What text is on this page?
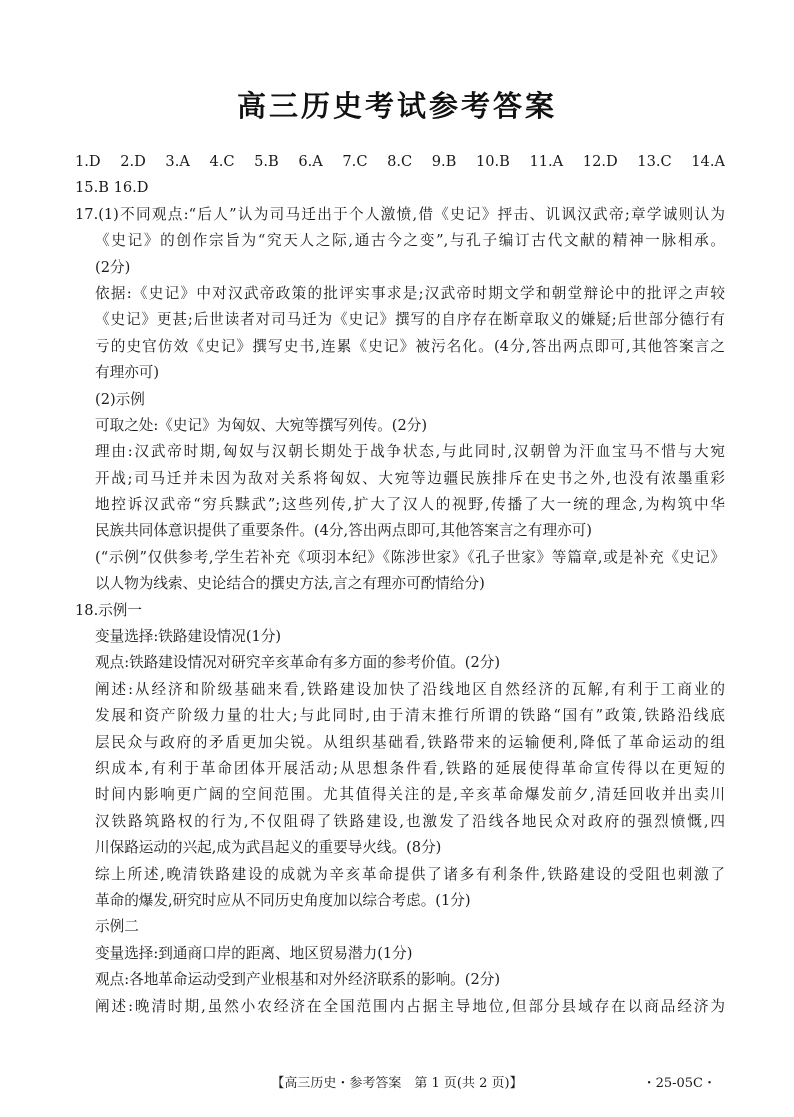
高三历史考试参考答案
1.D 2.D 3.A 4.C 5.B 6.A 7.C 8.C 9.B 10.B 11.A 12.D 13.C 14.A
15.B 16.D
17.(1)不同观点:“后人”认为司马迁出于个人激愤,借《史记》抨击、讥讽汉武帝;章学诚则认为
《史记》的创作宗旨为“究天人之际,通古今之变”,与孔子编订古代文献的精神一脉相承。
(2分)
依据:《史记》中对汉武帝政策的批评实事求是;汉武帝时期文学和朝堂辩论中的批评之声较
《史记》更甚;后世读者对司马迁为《史记》撰写的自序存在断章取义的嫌疑;后世部分德行有
亏的史官仿效《史记》撰写史书,连累《史记》被污名化。(4分,答出两点即可,其他答案言之
有理亦可)
(2)示例
可取之处:《史记》为匈奴、大宛等撰写列传。(2分)
理由:汉武帝时期,匈奴与汉朝长期处于战争状态,与此同时,汉朝曾为汗血宝马不惜与大宛
开战;司马迁并未因为敌对关系将匈奴、大宛等边疆民族排斥在史书之外,也没有浓墨重彩
地控诉汉武帝“穷兵黩武”;这些列传,扩大了汉人的视野,传播了大一统的理念,为构筑中华
民族共同体意识提供了重要条件。(4分,答出两点即可,其他答案言之有理亦可)
(“示例”仅供参考,学生若补充《项羽本纪》《陈涉世家》《孔子世家》等篇章,或是补充《史记》
以人物为线索、史论结合的撰史方法,言之有理亦可酌情给分)
18.示例一
变量选择:铁路建设情况(1分)
观点:铁路建设情况对研究辛亥革命有多方面的参考价值。(2分)
阐述:从经济和阶级基础来看,铁路建设加快了沿线地区自然经济的瓦解,有利于工商业的
发展和资产阶级力量的壮大;与此同时,由于清末推行所谓的铁路“国有”政策,铁路沿线底
层民众与政府的矛盾更加尖锐。从组织基础看,铁路带来的运输便利,降低了革命运动的组
织成本,有利于革命团体开展活动;从思想条件看,铁路的延展使得革命宣传得以在更短的
时间内影响更广阔的空间范围。尤其值得关注的是,辛亥革命爆发前夕,清廷回收并出卖川
汉铁路筑路权的行为,不仅阻碍了铁路建设,也激发了沿线各地民众对政府的强烈愤慨,四
川保路运动的兴起,成为武昌起义的重要导火线。(8分)
综上所述,晚清铁路建设的成就为辛亥革命提供了诸多有利条件,铁路建设的受阻也刺激了
革命的爆发,研究时应从不同历史角度加以综合考虑。(1分)
示例二
变量选择:到通商口岸的距离、地区贸易潜力(1分)
观点:各地革命运动受到产业根基和对外经济联系的影响。(2分)
阐述:晚清时期,虽然小农经济在全国范围内占据主导地位,但部分县域存在以商品经济为
【高三历史・参考答案　第 1 页(共 2 页)】	・25-05C・
